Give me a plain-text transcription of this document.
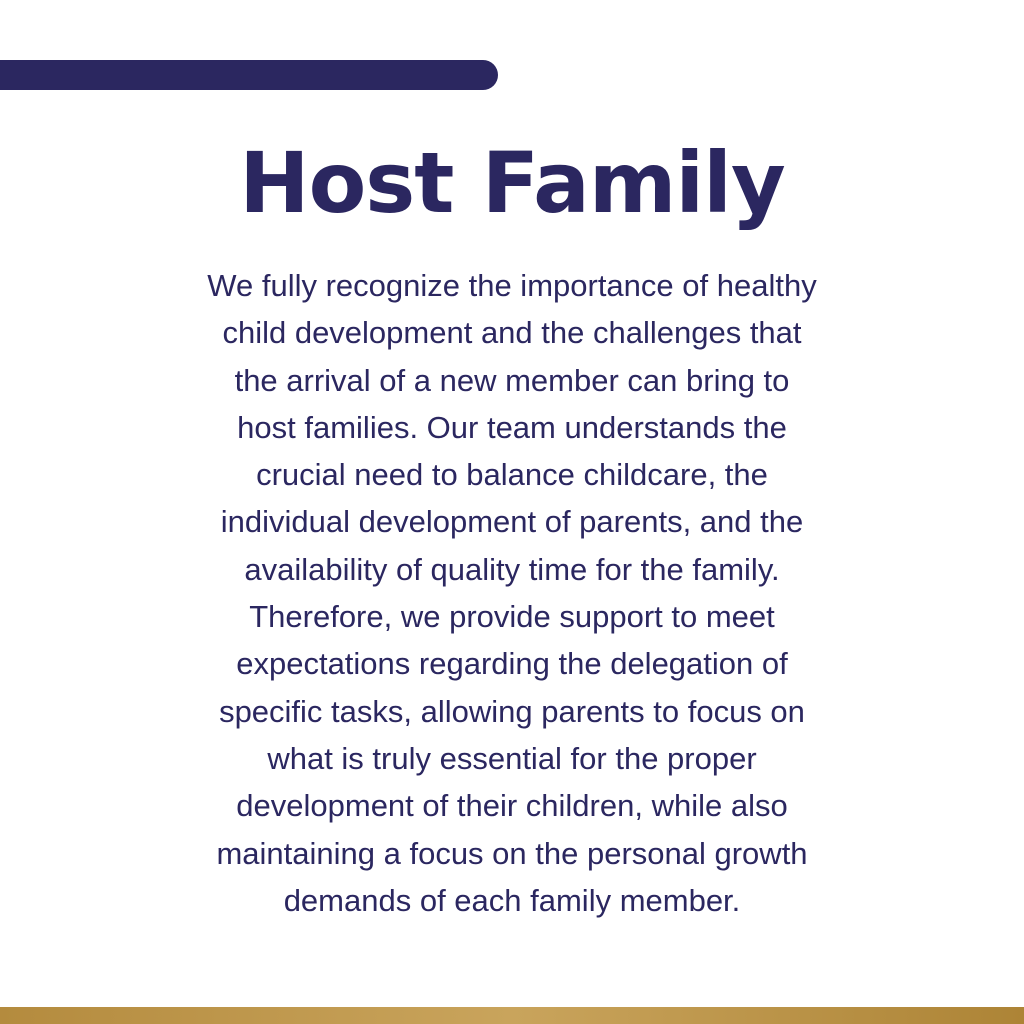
Host Family

We fully recognize the importance of healthy
child development and the challenges that
the arrival of a new member can bring to
host families. Our team understands the
crucial need to balance childcare, the
individual development of parents, and the
availability of quality time for the family.
Therefore, we provide support to meet
expectations regarding the delegation of
specific tasks, allowing parents to focus on
what is truly essential for the proper
development of their children, while also
maintaining a focus on the personal growth
demands of each family member.
